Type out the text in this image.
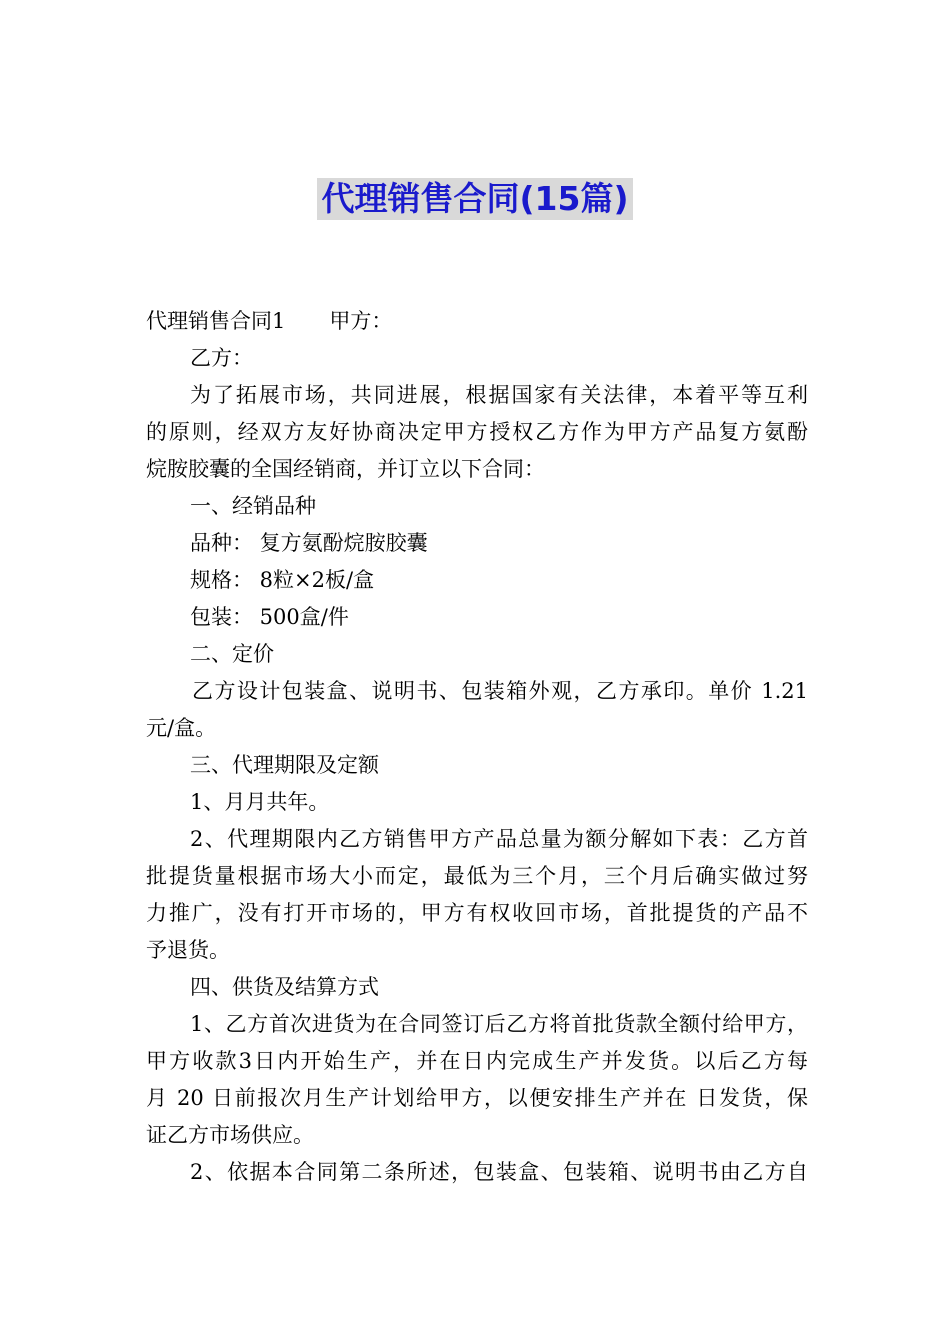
代理销售合同(15篇)
代理销售合同1 甲方：
乙方：
为了拓展市场，共同进展，根据国家有关法律，本着平等互利
的原则，经双方友好协商决定甲方授权乙方作为甲方产品复方氨酚
烷胺胶囊的全国经销商，并订立以下合同：
一、经销品种
品种： 复方氨酚烷胺胶囊
规格： 8粒×2板/盒
包装： 500盒/件
二、定价
乙方设计包装盒、说明书、包装箱外观，乙方承印。单价 1.21
元/盒。
三、代理期限及定额
1、月月共年。
2、代理期限内乙方销售甲方产品总量为额分解如下表：乙方首
批提货量根据市场大小而定，最低为三个月，三个月后确实做过努
力推广，没有打开市场的，甲方有权收回市场，首批提货的产品不
予退货。
四、供货及结算方式
1、乙方首次进货为在合同签订后乙方将首批货款全额付给甲方，
甲方收款3日内开始生产，并在日内完成生产并发货。以后乙方每
月 20 日前报次月生产计划给甲方，以便安排生产并在 日发货，保
证乙方市场供应。
2、依据本合同第二条所述，包装盒、包装箱、说明书由乙方自
